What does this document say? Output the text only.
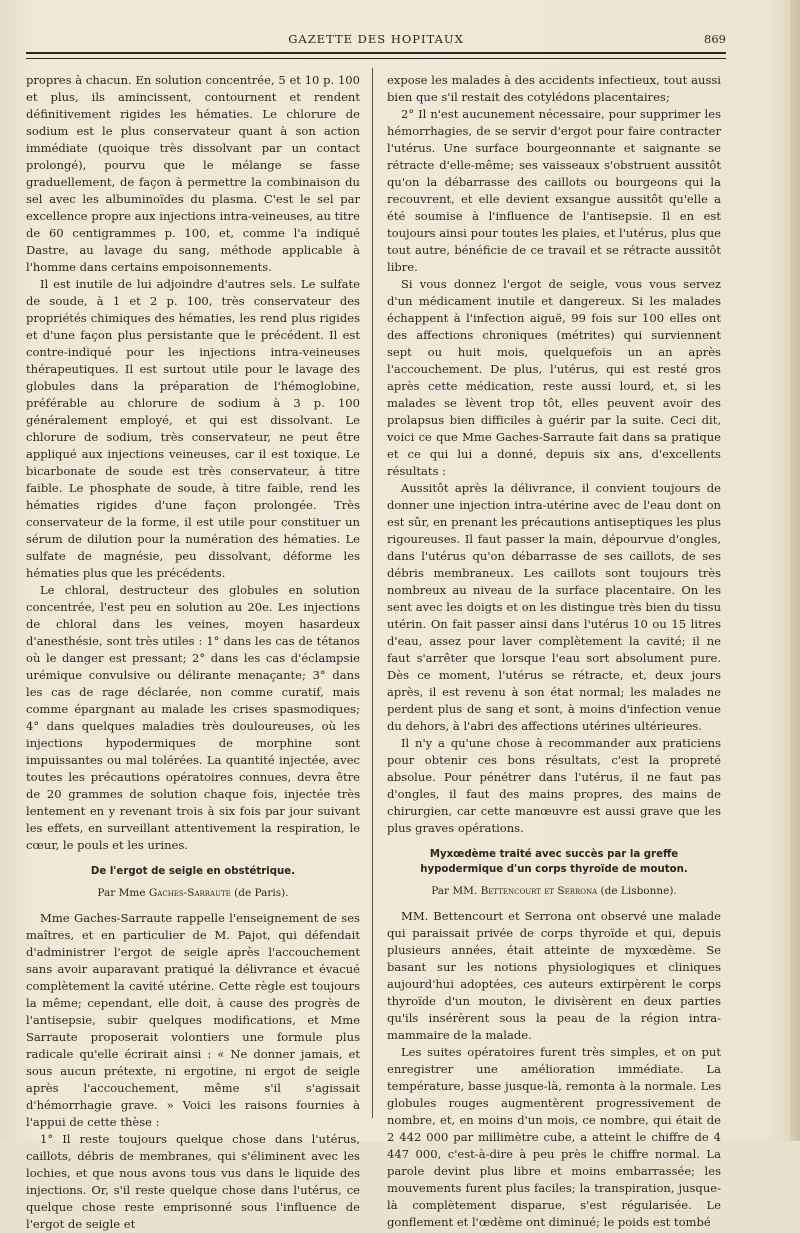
GAZETTE DES HOPITAUX	869

propres à chacun. En solution concentrée, 5 et 10 p. 100 et plus, ils amincissent, contournent et rendent définitivement rigides les hématies. Le chlorure de sodium est le plus conservateur quant à son action immédiate (quoique très dissolvant par un contact prolongé), pourvu que le mélange se fasse graduellement, de façon à permettre la combinaison du sel avec les albuminoïdes du plasma. C'est le sel par excellence propre aux injections intra-veineuses, au titre de 60 centigrammes p. 100, et, comme l'a indiqué Dastre, au lavage du sang, méthode applicable à l'homme dans certains empoisonnements.

Il est inutile de lui adjoindre d'autres sels. Le sulfate de soude, à 1 et 2 p. 100, très conservateur des propriétés chimiques des hématies, les rend plus rigides et d'une façon plus persistante que le précédent. Il est contre-indiqué pour les injections intra-veineuses thérapeutiques. Il est surtout utile pour le lavage des globules dans la préparation de l'hémoglobine, préférable au chlorure de sodium à 3 p. 100 généralement employé, et qui est dissolvant. Le chlorure de sodium, très conservateur, ne peut être appliqué aux injections veineuses, car il est toxique. Le bicarbonate de soude est très conservateur, à titre faible. Le phosphate de soude, à titre faible, rend les hématies rigides d'une façon prolongée. Très conservateur de la forme, il est utile pour constituer un sérum de dilution pour la numération des hématies. Le sulfate de magnésie, peu dissolvant, déforme les hématies plus que les précédents.

Le chloral, destructeur des globules en solution concentrée, l'est peu en solution au 20e. Les injections de chloral dans les veines, moyen hasardeux d'anesthésie, sont très utiles : 1° dans les cas de tétanos où le danger est pressant; 2° dans les cas d'éclampsie urémique convulsive ou délirante menaçante; 3° dans les cas de rage déclarée, non comme curatif, mais comme épargnant au malade les crises spasmodiques; 4° dans quelques maladies très douloureuses, où les injections hypodermiques de morphine sont impuissantes ou mal tolérées. La quantité injectée, avec toutes les précautions opératoires connues, devra être de 20 grammes de solution chaque fois, injectée très lentement en y revenant trois à six fois par jour suivant les effets, en surveillant attentivement la respiration, le cœur, le pouls et les urines.

De l'ergot de seigle en obstétrique.
Par Mme Gaches-Sarraute (de Paris).

Mme Gaches-Sarraute rappelle l'enseignement de ses maîtres, et en particulier de M. Pajot, qui défendait d'administrer l'ergot de seigle après l'accouchement sans avoir auparavant pratiqué la délivrance et évacué complètement la cavité utérine. Cette règle est toujours la même; cependant, elle doit, à cause des progrès de l'antisepsie, subir quelques modifications, et Mme Sarraute proposerait volontiers une formule plus radicale qu'elle écrirait ainsi : « Ne donner jamais, et sous aucun prétexte, ni ergotine, ni ergot de seigle après l'accouchement, même s'il s'agissait d'hémorrhagie grave. » Voici les raisons fournies à l'appui de cette thèse :

1° Il reste toujours quelque chose dans l'utérus, caillots, débris de membranes, qui s'éliminent avec les lochies, et que nous avons tous vus dans le liquide des injections. Or, s'il reste quelque chose dans l'utérus, ce quelque chose reste emprisonné sous l'influence de l'ergot de seigle et

expose les malades à des accidents infectieux, tout aussi bien que s'il restait des cotylédons placentaires;

2° Il n'est aucunement nécessaire, pour supprimer les hémorrhagies, de se servir d'ergot pour faire contracter l'utérus. Une surface bourgeonnante et saignante se rétracte d'elle-même; ses vaisseaux s'obstruent aussitôt qu'on la débarrasse des caillots ou bourgeons qui la recouvrent, et elle devient exsangue aussitôt qu'elle a été soumise à l'influence de l'antisepsie. Il en est toujours ainsi pour toutes les plaies, et l'utérus, plus que tout autre, bénéficie de ce travail et se rétracte aussitôt libre.

Si vous donnez l'ergot de seigle, vous vous servez d'un médicament inutile et dangereux. Si les malades échappent à l'infection aiguë, 99 fois sur 100 elles ont des affections chroniques (métrites) qui surviennent sept ou huit mois, quelquefois un an après l'accouchement. De plus, l'utérus, qui est resté gros après cette médication, reste aussi lourd, et, si les malades se lèvent trop tôt, elles peuvent avoir des prolapsus bien difficiles à guérir par la suite. Ceci dit, voici ce que Mme Gaches-Sarraute fait dans sa pratique et ce qui lui a donné, depuis six ans, d'excellents résultats :

Aussitôt après la délivrance, il convient toujours de donner une injection intra-utérine avec de l'eau dont on est sûr, en prenant les précautions antiseptiques les plus rigoureuses. Il faut passer la main, dépourvue d'ongles, dans l'utérus qu'on débarrasse de ses caillots, de ses débris membraneux. Les caillots sont toujours très nombreux au niveau de la surface placentaire. On les sent avec les doigts et on les distingue très bien du tissu utérin. On fait passer ainsi dans l'utérus 10 ou 15 litres d'eau, assez pour laver complètement la cavité; il ne faut s'arrêter que lorsque l'eau sort absolument pure. Dès ce moment, l'utérus se rétracte, et, deux jours après, il est revenu à son état normal; les malades ne perdent plus de sang et sont, à moins d'infection venue du dehors, à l'abri des affections utérines ultérieures.

Il n'y a qu'une chose à recommander aux praticiens pour obtenir ces bons résultats, c'est la propreté absolue. Pour pénétrer dans l'utérus, il ne faut pas d'ongles, il faut des mains propres, des mains de chirurgien, car cette manœuvre est aussi grave que les plus graves opérations.

Myxœdème traité avec succès par la greffe hypodermique d'un corps thyroïde de mouton.
Par MM. Bettencourt et Serrona (de Lisbonne).

MM. Bettencourt et Serrona ont observé une malade qui paraissait privée de corps thyroïde et qui, depuis plusieurs années, était atteinte de myxœdème. Se basant sur les notions physiologiques et cliniques aujourd'hui adoptées, ces auteurs extirpèrent le corps thyroïde d'un mouton, le divisèrent en deux parties qu'ils insérèrent sous la peau de la région intra-mammaire de la malade.

Les suites opératoires furent très simples, et on put enregistrer une amélioration immédiate. La température, basse jusque-là, remonta à la normale. Les globules rouges augmentèrent progressivement de nombre, et, en moins d'un mois, ce nombre, qui était de 2 442 000 par millimètre cube, a atteint le chiffre de 4 447 000, c'est-à-dire à peu près le chiffre normal. La parole devint plus libre et moins embarrassée; les mouvements furent plus faciles; la transpiration, jusque-là complètement disparue, s'est régularisée. Le gonflement et l'œdème ont diminué; le poids est tombé
